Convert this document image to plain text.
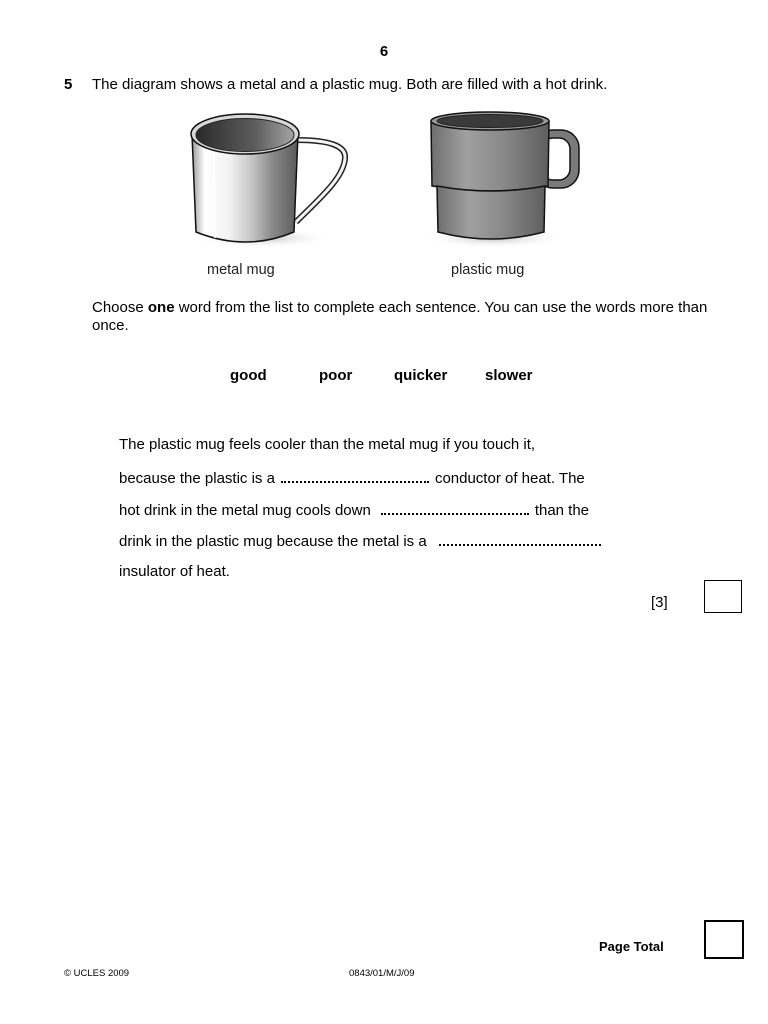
6
5 The diagram shows a metal and a plastic mug. Both are filled with a hot drink.
metal mug	plastic mug
Choose one word from the list to complete each sentence. You can use the words more than once.
good	poor	quicker	slower
The plastic mug feels cooler than the metal mug if you touch it,
because the plastic is a	conductor of heat. The
hot drink in the metal mug cools down	than the
drink in the plastic mug because the metal is a
insulator of heat.
[3]
Page Total
© UCLES 2009	0843/01/M/J/09
